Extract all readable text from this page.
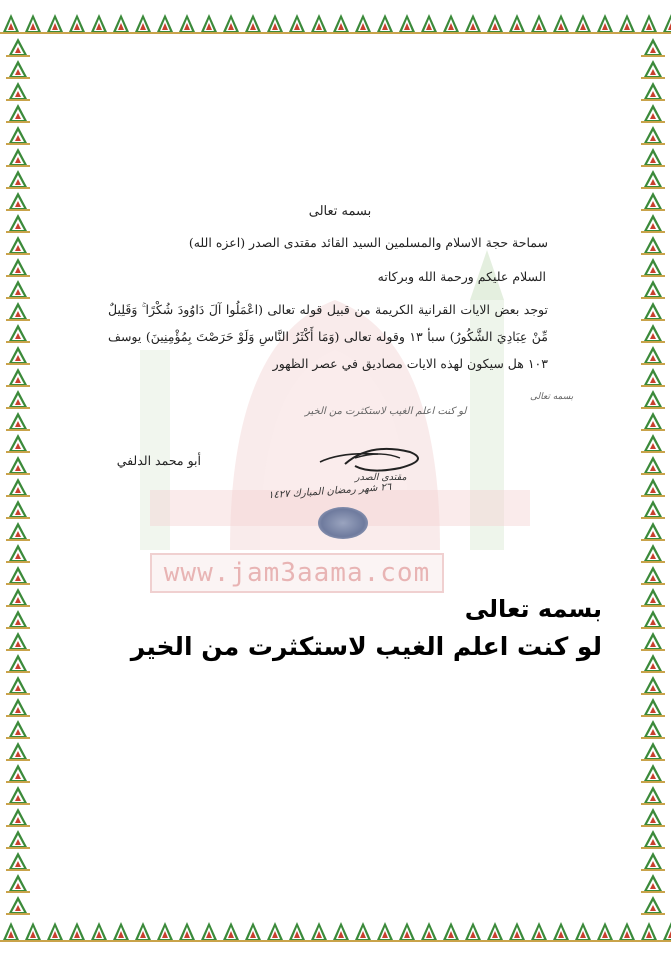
www.jam3aama.com
بسمه تعالى
سماحة حجة الاسلام والمسلمين السيد القائد مقتدى الصدر (اعزه الله)
السلام عليكم ورحمة الله وبركاته
توجد بعض الايات القرانية الكريمة من قبيل قوله تعالى (اعْمَلُوا آلَ دَاوُودَ شُكْرًا ۚ وَقَلِيلٌ مِّنْ عِبَادِيَ الشَّكُورُ) سبأ ١٣ وقوله تعالى (وَمَا أَكْثَرُ النَّاسِ وَلَوْ حَرَصْتَ بِمُؤْمِنِينَ) يوسف ١٠٣ هل سيكون لهذه الايات مصاديق في عصر الظهور
بسمه تعالى
لو كنت اعلم الغيب لاستكثرت من الخير
أبو محمد الدلفي
مقتدى الصدر
٢٦ شهر رمضان المبارك ١٤٢٧
بسمه تعالى
لو كنت اعلم الغيب لاستكثرت من الخير
